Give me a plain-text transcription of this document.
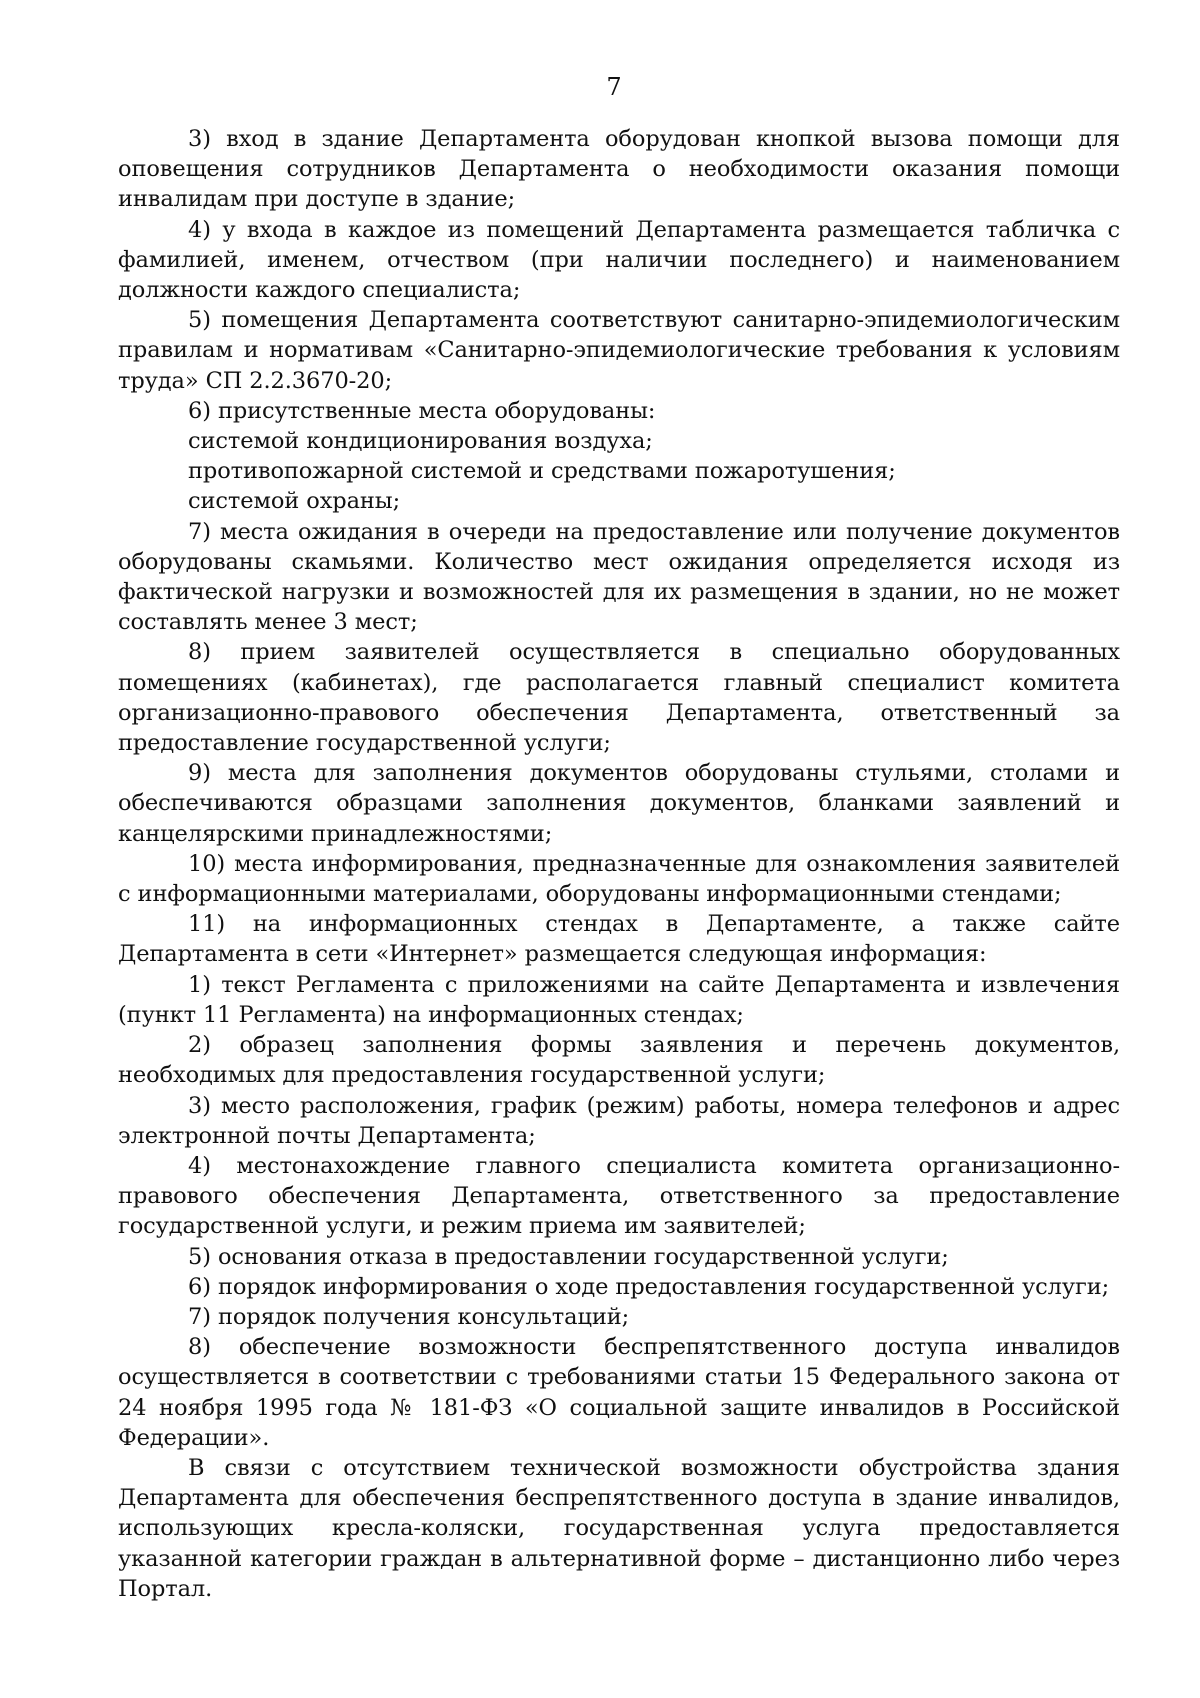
7

3) вход в здание Департамента оборудован кнопкой вызова помощи для оповещения сотрудников Департамента о необходимости оказания помощи инвалидам при доступе в здание;

4) у входа в каждое из помещений Департамента размещается табличка с фамилией, именем, отчеством (при наличии последнего) и наименованием должности каждого специалиста;

5) помещения Департамента соответствуют санитарно-эпидемиологическим правилам и нормативам «Санитарно-эпидемиологические требования к условиям труда» СП 2.2.3670-20;

6) присутственные места оборудованы:

системой кондиционирования воздуха;

противопожарной системой и средствами пожаротушения;

системой охраны;

7) места ожидания в очереди на предоставление или получение документов оборудованы скамьями. Количество мест ожидания определяется исходя из фактической нагрузки и возможностей для их размещения в здании, но не может составлять менее 3 мест;

8) прием заявителей осуществляется в специально оборудованных помещениях (кабинетах), где располагается главный специалист комитета организационно-правового обеспечения Департамента, ответственный за предоставление государственной услуги;

9) места для заполнения документов оборудованы стульями, столами и обеспечиваются образцами заполнения документов, бланками заявлений и канцелярскими принадлежностями;

10) места информирования, предназначенные для ознакомления заявителей с информационными материалами, оборудованы информационными стендами;

11) на информационных стендах в Департаменте, а также сайте Департамента в сети «Интернет» размещается следующая информация:

1) текст Регламента с приложениями на сайте Департамента и извлечения (пункт 11 Регламента) на информационных стендах;

2) образец заполнения формы заявления и перечень документов, необходимых для предоставления государственной услуги;

3) место расположения, график (режим) работы, номера телефонов и адрес электронной почты Департамента;

4) местонахождение главного специалиста комитета организационно-правового обеспечения Департамента, ответственного за предоставление государственной услуги, и режим приема им заявителей;

5) основания отказа в предоставлении государственной услуги;

6) порядок информирования о ходе предоставления государственной услуги;

7) порядок получения консультаций;

8) обеспечение возможности беспрепятственного доступа инвалидов осуществляется в соответствии с требованиями статьи 15 Федерального закона от 24 ноября 1995 года № 181-ФЗ «О социальной защите инвалидов в Российской Федерации».

В связи с отсутствием технической возможности обустройства здания Департамента для обеспечения беспрепятственного доступа в здание инвалидов, использующих кресла-коляски, государственная услуга предоставляется указанной категории граждан в альтернативной форме – дистанционно либо через Портал.
